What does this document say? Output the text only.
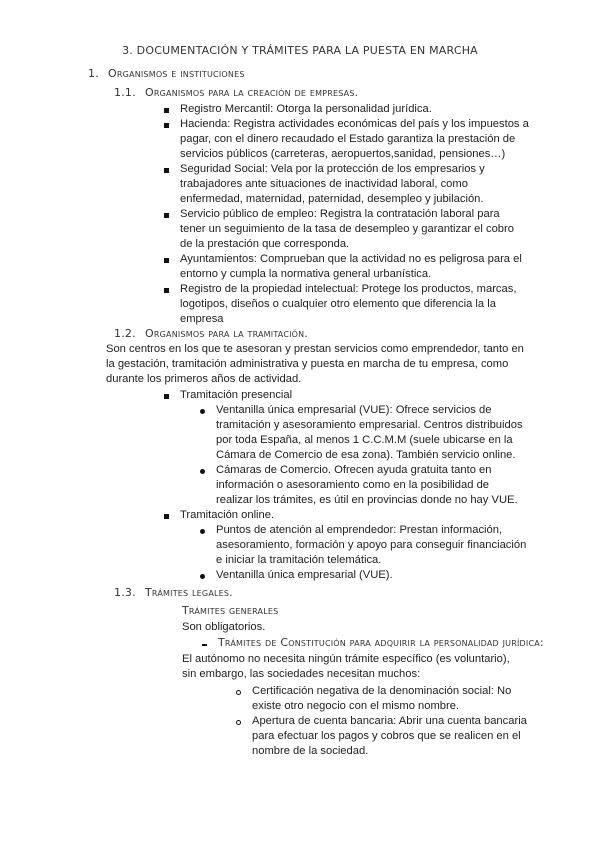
3. DOCUMENTACIÓN Y TRÁMITES PARA LA PUESTA EN MARCHA
1. Organismos e instituciones
1.1. Organismos para la creación de empresas.
Registro Mercantil: Otorga la personalidad jurídica.
Hacienda: Registra actividades económicas del país y los impuestos a pagar, con el dinero recaudado el Estado garantiza la prestación de servicios públicos (carreteras, aeropuertos,sanidad, pensiones…)
Seguridad Social: Vela por la protección de los empresarios y trabajadores ante situaciones de inactividad laboral, como enfermedad, maternidad, paternidad, desempleo y jubilación.
Servicio público de empleo: Registra la contratación laboral para tener un seguimiento de la tasa de desempleo y garantizar el cobro de la prestación que corresponda.
Ayuntamientos: Comprueban que la actividad no es peligrosa para el entorno y cumpla la normativa general urbanística.
Registro de la propiedad intelectual: Protege los productos, marcas, logotipos, diseños o cualquier otro elemento que diferencia la la empresa
1.2. Organismos para la tramitación.
Son centros en los que te asesoran y prestan servicios como emprendedor, tanto en la gestación, tramitación administrativa y puesta en marcha de tu empresa, como durante los primeros años de actividad.
Tramitación presencial
Ventanilla única empresarial (VUE): Ofrece servicios de tramitación y asesoramiento empresarial. Centros distribuidos por toda España, al menos 1 C.C.M.M (suele ubicarse en la Cámara de Comercio de esa zona). También servicio online.
Cámaras de Comercio. Ofrecen ayuda gratuita tanto en información o asesoramiento como en la posibilidad de realizar los trámites, es útil en provincias donde no hay VUE.
Tramitación online.
Puntos de atención al emprendedor: Prestan información, asesoramiento, formación y apoyo para conseguir financiación e iniciar la tramitación telemática.
Ventanilla única empresarial (VUE).
1.3. Trámites legales.
Trámites generales
Son obligatorios.
Trámites de Constitución para adquirir la personalidad jurídica:
El autónomo no necesita ningún trámite específico (es voluntario), sin embargo, las sociedades necesitan muchos:
Certificación negativa de la denominación social: No existe otro negocio con el mismo nombre.
Apertura de cuenta bancaria: Abrir una cuenta bancaria para efectuar los pagos y cobros que se realicen en el nombre de la sociedad.
